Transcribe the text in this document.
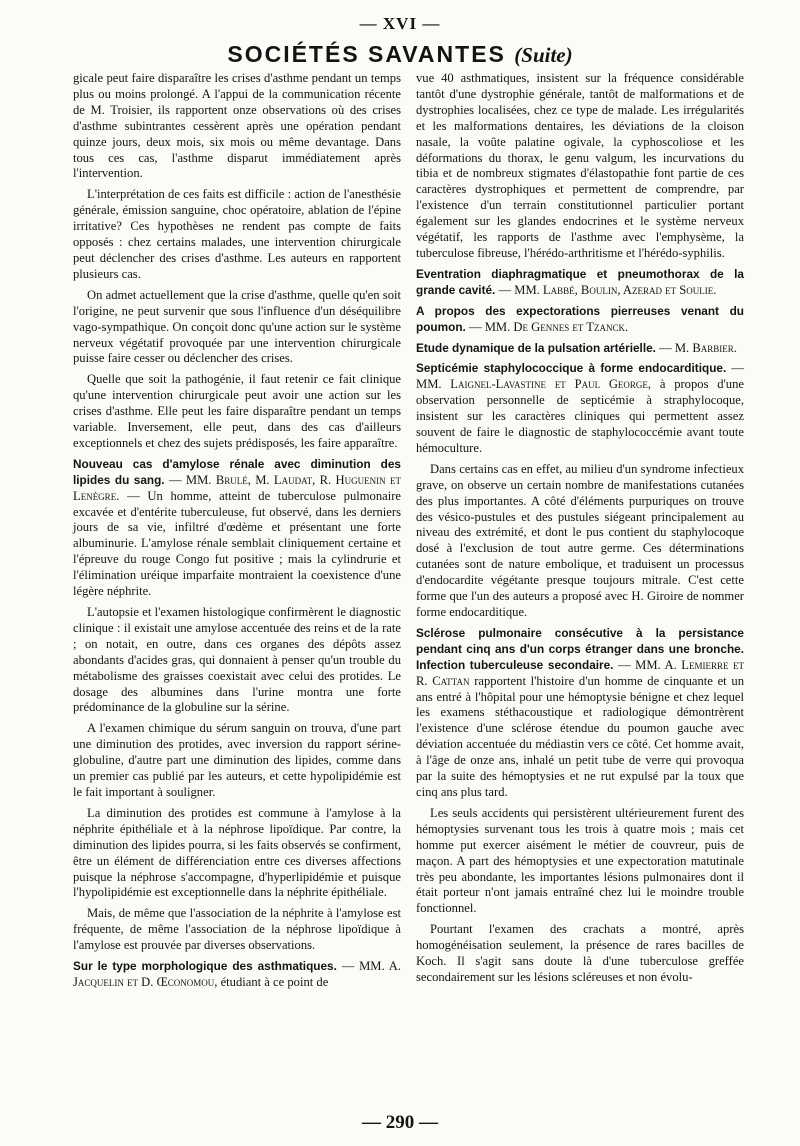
— XVI —
SOCIÉTÉS SAVANTES (Suite)

gicale peut faire disparaître les crises d'asthme pendant un temps plus ou moins prolongé. A l'appui de la communication récente de M. Troisier, ils rapportent onze observations où des crises d'asthme subintrantes cessèrent après une opération pendant quinze jours, deux mois, six mois ou même devantage. Dans tous ces cas, l'asthme disparut immédiatement après l'intervention.

L'interprétation de ces faits est difficile : action de l'anesthésie générale, émission sanguine, choc opératoire, ablation de l'épine irritative? Ces hypothèses ne rendent pas compte de faits opposés : chez certains malades, une intervention chirurgicale peut déclencher des crises d'asthme. Les auteurs en rapportent plusieurs cas.

On admet actuellement que la crise d'asthme, quelle qu'en soit l'origine, ne peut survenir que sous l'influence d'un déséquilibre vago-sympathique. On conçoit donc qu'une action sur le système nerveux végétatif provoquée par une intervention chirurgicale puisse faire cesser ou déclencher des crises.

Quelle que soit la pathogénie, il faut retenir ce fait clinique qu'une intervention chirurgicale peut avoir une action sur les crises d'asthme. Elle peut les faire disparaître pendant un temps variable. Inversement, elle peut, dans des cas d'ailleurs exceptionnels et chez des sujets prédisposés, les faire apparaître.

Nouveau cas d'amylose rénale avec diminution des lipides du sang. — MM. Brulé, M. Laudat, R. Huguenin et Lenègre. — Un homme, atteint de tuberculose pulmonaire excavée et d'entérite tuberculeuse, fut observé, dans les derniers jours de sa vie, infiltré d'œdème et présentant une forte albuminurie. L'amylose rénale semblait cliniquement certaine et l'épreuve du rouge Congo fut positive ; mais la cylindrurie et l'élimination uréique imparfaite montraient la coexistence d'une légère néphrite.

L'autopsie et l'examen histologique confirmèrent le diagnostic clinique : il existait une amylose accentuée des reins et de la rate ; on notait, en outre, dans ces organes des dépôts assez abondants d'acides gras, qui donnaient à penser qu'un trouble du métabolisme des graisses coexistait avec celui des protides. Le dosage des albumines dans l'urine montra une forte prédominance de la globuline sur la sérine.

A l'examen chimique du sérum sanguin on trouva, d'une part une diminution des protides, avec inversion du rapport sérine-globuline, d'autre part une diminution des lipides, comme dans un premier cas publié par les auteurs, et cette hypolipidémie est le fait important à souligner.

La diminution des protides est commune à l'amylose à la néphrite épithéliale et à la néphrose lipoïdique. Par contre, la diminution des lipides pourra, si les faits observés se confirment, être un élément de différenciation entre ces diverses affections puisque la néphrose s'accompagne, d'hyperlipidémie et puisque l'hypolipidémie est exceptionnelle dans la néphrite épithéliale.

Mais, de même que l'association de la néphrite à l'amylose est fréquente, de même l'association de la néphrose lipoïdique à l'amylose est prouvée par diverses observations.

Sur le type morphologique des asthmatiques. — MM. A. Jacquelin et D. Œconomou, étudiant à ce point de

vue 40 asthmatiques, insistent sur la fréquence considérable tantôt d'une dystrophie générale, tantôt de malformations et de dystrophies localisées, chez ce type de malade. Les irrégularités et les malformations dentaires, les déviations de la cloison nasale, la voûte palatine ogivale, la cyphoscoliose et les déformations du thorax, le genu valgum, les incurvations du tibia et de nombreux stigmates d'élastopathie font partie de ces caractères dystrophiques et permettent de comprendre, par l'existence d'un terrain constitutionnel particulier portant également sur les glandes endocrines et le système nerveux végétatif, les rapports de l'asthme avec l'emphysème, la tuberculose fibreuse, l'hérédo-arthritisme et l'hérédo-syphilis.

Eventration diaphragmatique et pneumothorax de la grande cavité. — MM. Labbé, Boulin, Azerad et Soulie.

A propos des expectorations pierreuses venant du poumon. — MM. De Gennes et Tzanck.

Etude dynamique de la pulsation artérielle. — M. Barbier.

Septicémie staphylococcique à forme endocarditique. — MM. Laignel-Lavastine et Paul George, à propos d'une observation personnelle de septicémie à straphylocoque, insistent sur les caractères cliniques qui permettent assez souvent de faire le diagnostic de staphylococcémie avant toute hémoculture.

Dans certains cas en effet, au milieu d'un syndrome infectieux grave, on observe un certain nombre de manifestations cutanées des plus importantes. A côté d'éléments purpuriques on trouve des vésico-pustules et des pustules siégeant principalement au niveau des extrémité, et dont le pus contient du staphylocoque dosé à l'exclusion de tout autre germe. Ces déterminations cutanées sont de nature embolique, et traduisent un processus d'endocardite végétante presque toujours mitrale. C'est cette forme que l'un des auteurs a proposé avec H. Giroire de nommer forme endocarditique.

Sclérose pulmonaire consécutive à la persistance pendant cinq ans d'un corps étranger dans une bronche. Infection tuberculeuse secondaire. — MM. A. Lemierre et R. Cattan rapportent l'histoire d'un homme de cinquante et un ans entré à l'hôpital pour une hémoptysie bénigne et chez lequel les examens stéthacoustique et radiologique démontrèrent l'existence d'une sclérose étendue du poumon gauche avec déviation accentuée du médiastin vers ce côté. Cet homme avait, à l'âge de onze ans, inhalé un petit tube de verre qui provoqua par la suite des hémoptysies et ne rut expulsé par la toux que cinq ans plus tard.

Les seuls accidents qui persistèrent ultérieurement furent des hémoptysies survenant tous les trois à quatre mois ; mais cet homme put exercer aisément le métier de couvreur, puis de maçon. A part des hémoptysies et une expectoration matutinale très peu abondante, les importantes lésions pulmonaires dont il était porteur n'ont jamais entraîné chez lui le moindre trouble fonctionnel.

Pourtant l'examen des crachats a montré, après homogénéisation seulement, la présence de rares bacilles de Koch. Il s'agit sans doute là d'une tuberculose greffée secondairement sur les lésions scléreuses et non évolu-

— 290 —
